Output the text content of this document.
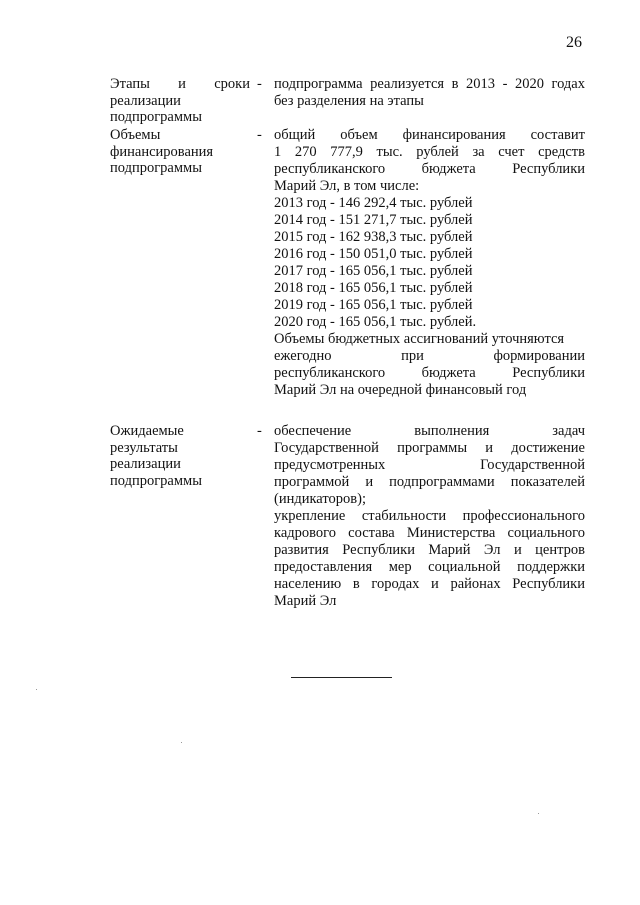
26
Этапы и сроки
реализации
подпрограммы
- подпрограмма реализуется в 2013 - 2020 годах
без разделения на этапы
Объемы
финансирования
подпрограммы
- общий объем финансирования составит
1 270 777,9 тыс. рублей за счет средств
республиканского бюджета Республики
Марий Эл, в том числе:
2013 год - 146 292,4 тыс. рублей
2014 год - 151 271,7 тыс. рублей
2015 год - 162 938,3 тыс. рублей
2016 год - 150 051,0 тыс. рублей
2017 год - 165 056,1 тыс. рублей
2018 год - 165 056,1 тыс. рублей
2019 год - 165 056,1 тыс. рублей
2020 год - 165 056,1 тыс. рублей.
Объемы бюджетных ассигнований уточняются
ежегодно при формировании
республиканского бюджета Республики
Марий Эл на очередной финансовый год
Ожидаемые
результаты
реализации
подпрограммы
- обеспечение выполнения задач
Государственной программы и достижение
предусмотренных Государственной
программой и подпрограммами показателей
(индикаторов);
укрепление стабильности профессионального
кадрового состава Министерства социального
развития Республики Марий Эл и центров
предоставления мер социальной поддержки
населению в городах и районах Республики
Марий Эл
